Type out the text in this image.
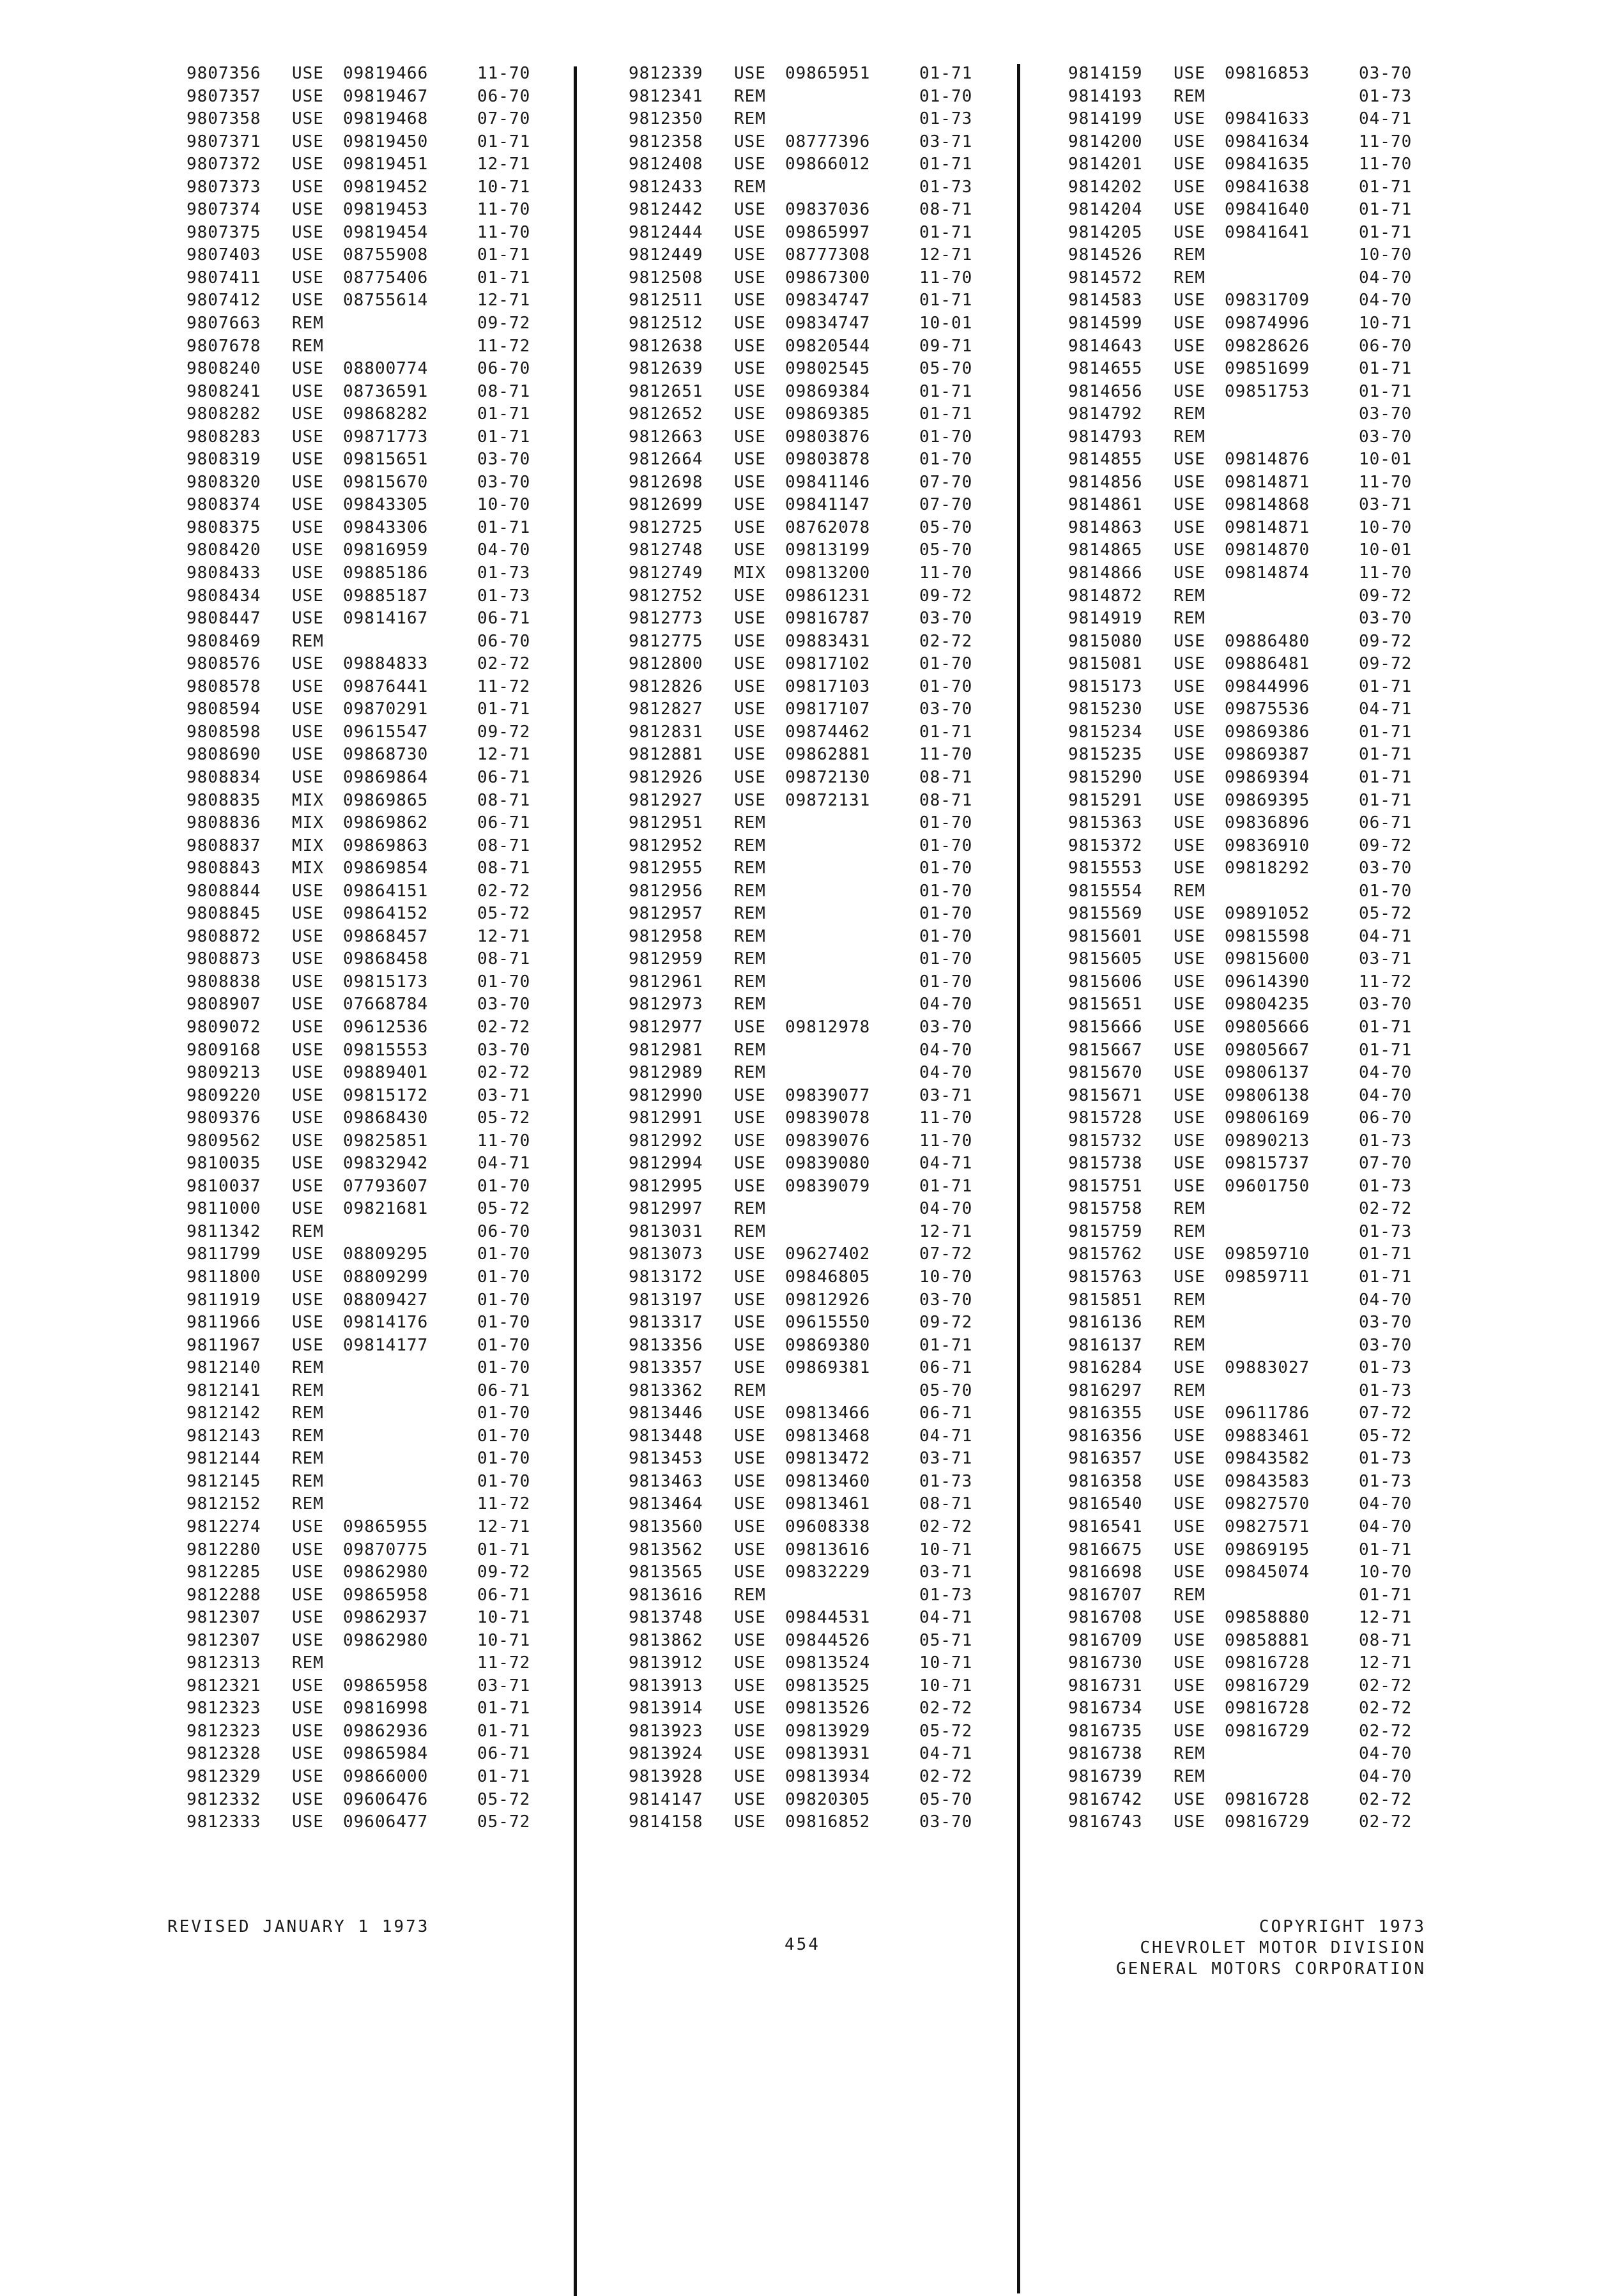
9807356 USE 09819466	11-70
9807357 USE 09819467	06-70
9807358 USE 09819468	07-70
9807371 USE 09819450	01-71
9807372 USE 09819451	12-71
9807373 USE 09819452	10-71
9807374 USE 09819453	11-70
9807375 USE 09819454	11-70
9807403 USE 08755908	01-71
9807411 USE 08775406	01-71
9807412 USE 08755614	12-71
9807663 REM	09-72
9807678 REM	11-72
9808240 USE 08800774	06-70
9808241 USE 08736591	08-71
9808282 USE 09868282	01-71
9808283 USE 09871773	01-71
9808319 USE 09815651	03-70
9808320 USE 09815670	03-70
9808374 USE 09843305	10-70
9808375 USE 09843306	01-71
9808420 USE 09816959	04-70
9808433 USE 09885186	01-73
9808434 USE 09885187	01-73
9808447 USE 09814167	06-71
9808469 REM	06-70
9808576 USE 09884833	02-72
9808578 USE 09876441	11-72
9808594 USE 09870291	01-71
9808598 USE 09615547	09-72
9808690 USE 09868730	12-71
9808834 USE 09869864	06-71
9808835 MIX 09869865	08-71
9808836 MIX 09869862	06-71
9808837 MIX 09869863	08-71
9808843 MIX 09869854	08-71
9808844 USE 09864151	02-72
9808845 USE 09864152	05-72
9808872 USE 09868457	12-71
9808873 USE 09868458	08-71
9808838 USE 09815173	01-70
9808907 USE 07668784	03-70
9809072 USE 09612536	02-72
9809168 USE 09815553	03-70
9809213 USE 09889401	02-72
9809220 USE 09815172	03-71
9809376 USE 09868430	05-72
9809562 USE 09825851	11-70
9810035 USE 09832942	04-71
9810037 USE 07793607	01-70
9811000 USE 09821681	05-72
9811342 REM	06-70
9811799 USE 08809295	01-70
9811800 USE 08809299	01-70
9811919 USE 08809427	01-70
9811966 USE 09814176	01-70
9811967 USE 09814177	01-70
9812140 REM	01-70
9812141 REM	06-71
9812142 REM	01-70
9812143 REM	01-70
9812144 REM	01-70
9812145 REM	01-70
9812152 REM	11-72
9812274 USE 09865955	12-71
9812280 USE 09870775	01-71
9812285 USE 09862980	09-72
9812288 USE 09865958	06-71
9812307 USE 09862937	10-71
9812307 USE 09862980	10-71
9812313 REM	11-72
9812321 USE 09865958	03-71
9812323 USE 09816998	01-71
9812323 USE 09862936	01-71
9812328 USE 09865984	06-71
9812329 USE 09866000	01-71
9812332 USE 09606476	05-72
9812333 USE 09606477	05-72
9812339 USE 09865951	01-71
9812341 REM	01-70
9812350 REM	01-73
9812358 USE 08777396	03-71
9812408 USE 09866012	01-71
9812433 REM	01-73
9812442 USE 09837036	08-71
9812444 USE 09865997	01-71
9812449 USE 08777308	12-71
9812508 USE 09867300	11-70
9812511 USE 09834747	01-71
9812512 USE 09834747	10-01
9812638 USE 09820544	09-71
9812639 USE 09802545	05-70
9812651 USE 09869384	01-71
9812652 USE 09869385	01-71
9812663 USE 09803876	01-70
9812664 USE 09803878	01-70
9812698 USE 09841146	07-70
9812699 USE 09841147	07-70
9812725 USE 08762078	05-70
9812748 USE 09813199	05-70
9812749 MIX 09813200	11-70
9812752 USE 09861231	09-72
9812773 USE 09816787	03-70
9812775 USE 09883431	02-72
9812800 USE 09817102	01-70
9812826 USE 09817103	01-70
9812827 USE 09817107	03-70
9812831 USE 09874462	01-71
9812881 USE 09862881	11-70
9812926 USE 09872130	08-71
9812927 USE 09872131	08-71
9812951 REM	01-70
9812952 REM	01-70
9812955 REM	01-70
9812956 REM	01-70
9812957 REM	01-70
9812958 REM	01-70
9812959 REM	01-70
9812961 REM	01-70
9812973 REM	04-70
9812977 USE 09812978	03-70
9812981 REM	04-70
9812989 REM	04-70
9812990 USE 09839077	03-71
9812991 USE 09839078	11-70
9812992 USE 09839076	11-70
9812994 USE 09839080	04-71
9812995 USE 09839079	01-71
9812997 REM	04-70
9813031 REM	12-71
9813073 USE 09627402	07-72
9813172 USE 09846805	10-70
9813197 USE 09812926	03-70
9813317 USE 09615550	09-72
9813356 USE 09869380	01-71
9813357 USE 09869381	06-71
9813362 REM	05-70
9813446 USE 09813466	06-71
9813448 USE 09813468	04-71
9813453 USE 09813472	03-71
9813463 USE 09813460	01-73
9813464 USE 09813461	08-71
9813560 USE 09608338	02-72
9813562 USE 09813616	10-71
9813565 USE 09832229	03-71
9813616 REM	01-73
9813748 USE 09844531	04-71
9813862 USE 09844526	05-71
9813912 USE 09813524	10-71
9813913 USE 09813525	10-71
9813914 USE 09813526	02-72
9813923 USE 09813929	05-72
9813924 USE 09813931	04-71
9813928 USE 09813934	02-72
9814147 USE 09820305	05-70
9814158 USE 09816852	03-70
9814159 USE 09816853	03-70
9814193 REM	01-73
9814199 USE 09841633	04-71
9814200 USE 09841634	11-70
9814201 USE 09841635	11-70
9814202 USE 09841638	01-71
9814204 USE 09841640	01-71
9814205 USE 09841641	01-71
9814526 REM	10-70
9814572 REM	04-70
9814583 USE 09831709	04-70
9814599 USE 09874996	10-71
9814643 USE 09828626	06-70
9814655 USE 09851699	01-71
9814656 USE 09851753	01-71
9814792 REM	03-70
9814793 REM	03-70
9814855 USE 09814876	10-01
9814856 USE 09814871	11-70
9814861 USE 09814868	03-71
9814863 USE 09814871	10-70
9814865 USE 09814870	10-01
9814866 USE 09814874	11-70
9814872 REM	09-72
9814919 REM	03-70
9815080 USE 09886480	09-72
9815081 USE 09886481	09-72
9815173 USE 09844996	01-71
9815230 USE 09875536	04-71
9815234 USE 09869386	01-71
9815235 USE 09869387	01-71
9815290 USE 09869394	01-71
9815291 USE 09869395	01-71
9815363 USE 09836896	06-71
9815372 USE 09836910	09-72
9815553 USE 09818292	03-70
9815554 REM	01-70
9815569 USE 09891052	05-72
9815601 USE 09815598	04-71
9815605 USE 09815600	03-71
9815606 USE 09614390	11-72
9815651 USE 09804235	03-70
9815666 USE 09805666	01-71
9815667 USE 09805667	01-71
9815670 USE 09806137	04-70
9815671 USE 09806138	04-70
9815728 USE 09806169	06-70
9815732 USE 09890213	01-73
9815738 USE 09815737	07-70
9815751 USE 09601750	01-73
9815758 REM	02-72
9815759 REM	01-73
9815762 USE 09859710	01-71
9815763 USE 09859711	01-71
9815851 REM	04-70
9816136 REM	03-70
9816137 REM	03-70
9816284 USE 09883027	01-73
9816297 REM	01-73
9816355 USE 09611786	07-72
9816356 USE 09883461	05-72
9816357 USE 09843582	01-73
9816358 USE 09843583	01-73
9816540 USE 09827570	04-70
9816541 USE 09827571	04-70
9816675 USE 09869195	01-71
9816698 USE 09845074	10-70
9816707 REM	01-71
9816708 USE 09858880	12-71
9816709 USE 09858881	08-71
9816730 USE 09816728	12-71
9816731 USE 09816729	02-72
9816734 USE 09816728	02-72
9816735 USE 09816729	02-72
9816738 REM	04-70
9816739 REM	04-70
9816742 USE 09816728	02-72
9816743 USE 09816729	02-72
REVISED JANUARY 1 1973
454
COPYRIGHT 1973
CHEVROLET MOTOR DIVISION
GENERAL MOTORS CORPORATION
